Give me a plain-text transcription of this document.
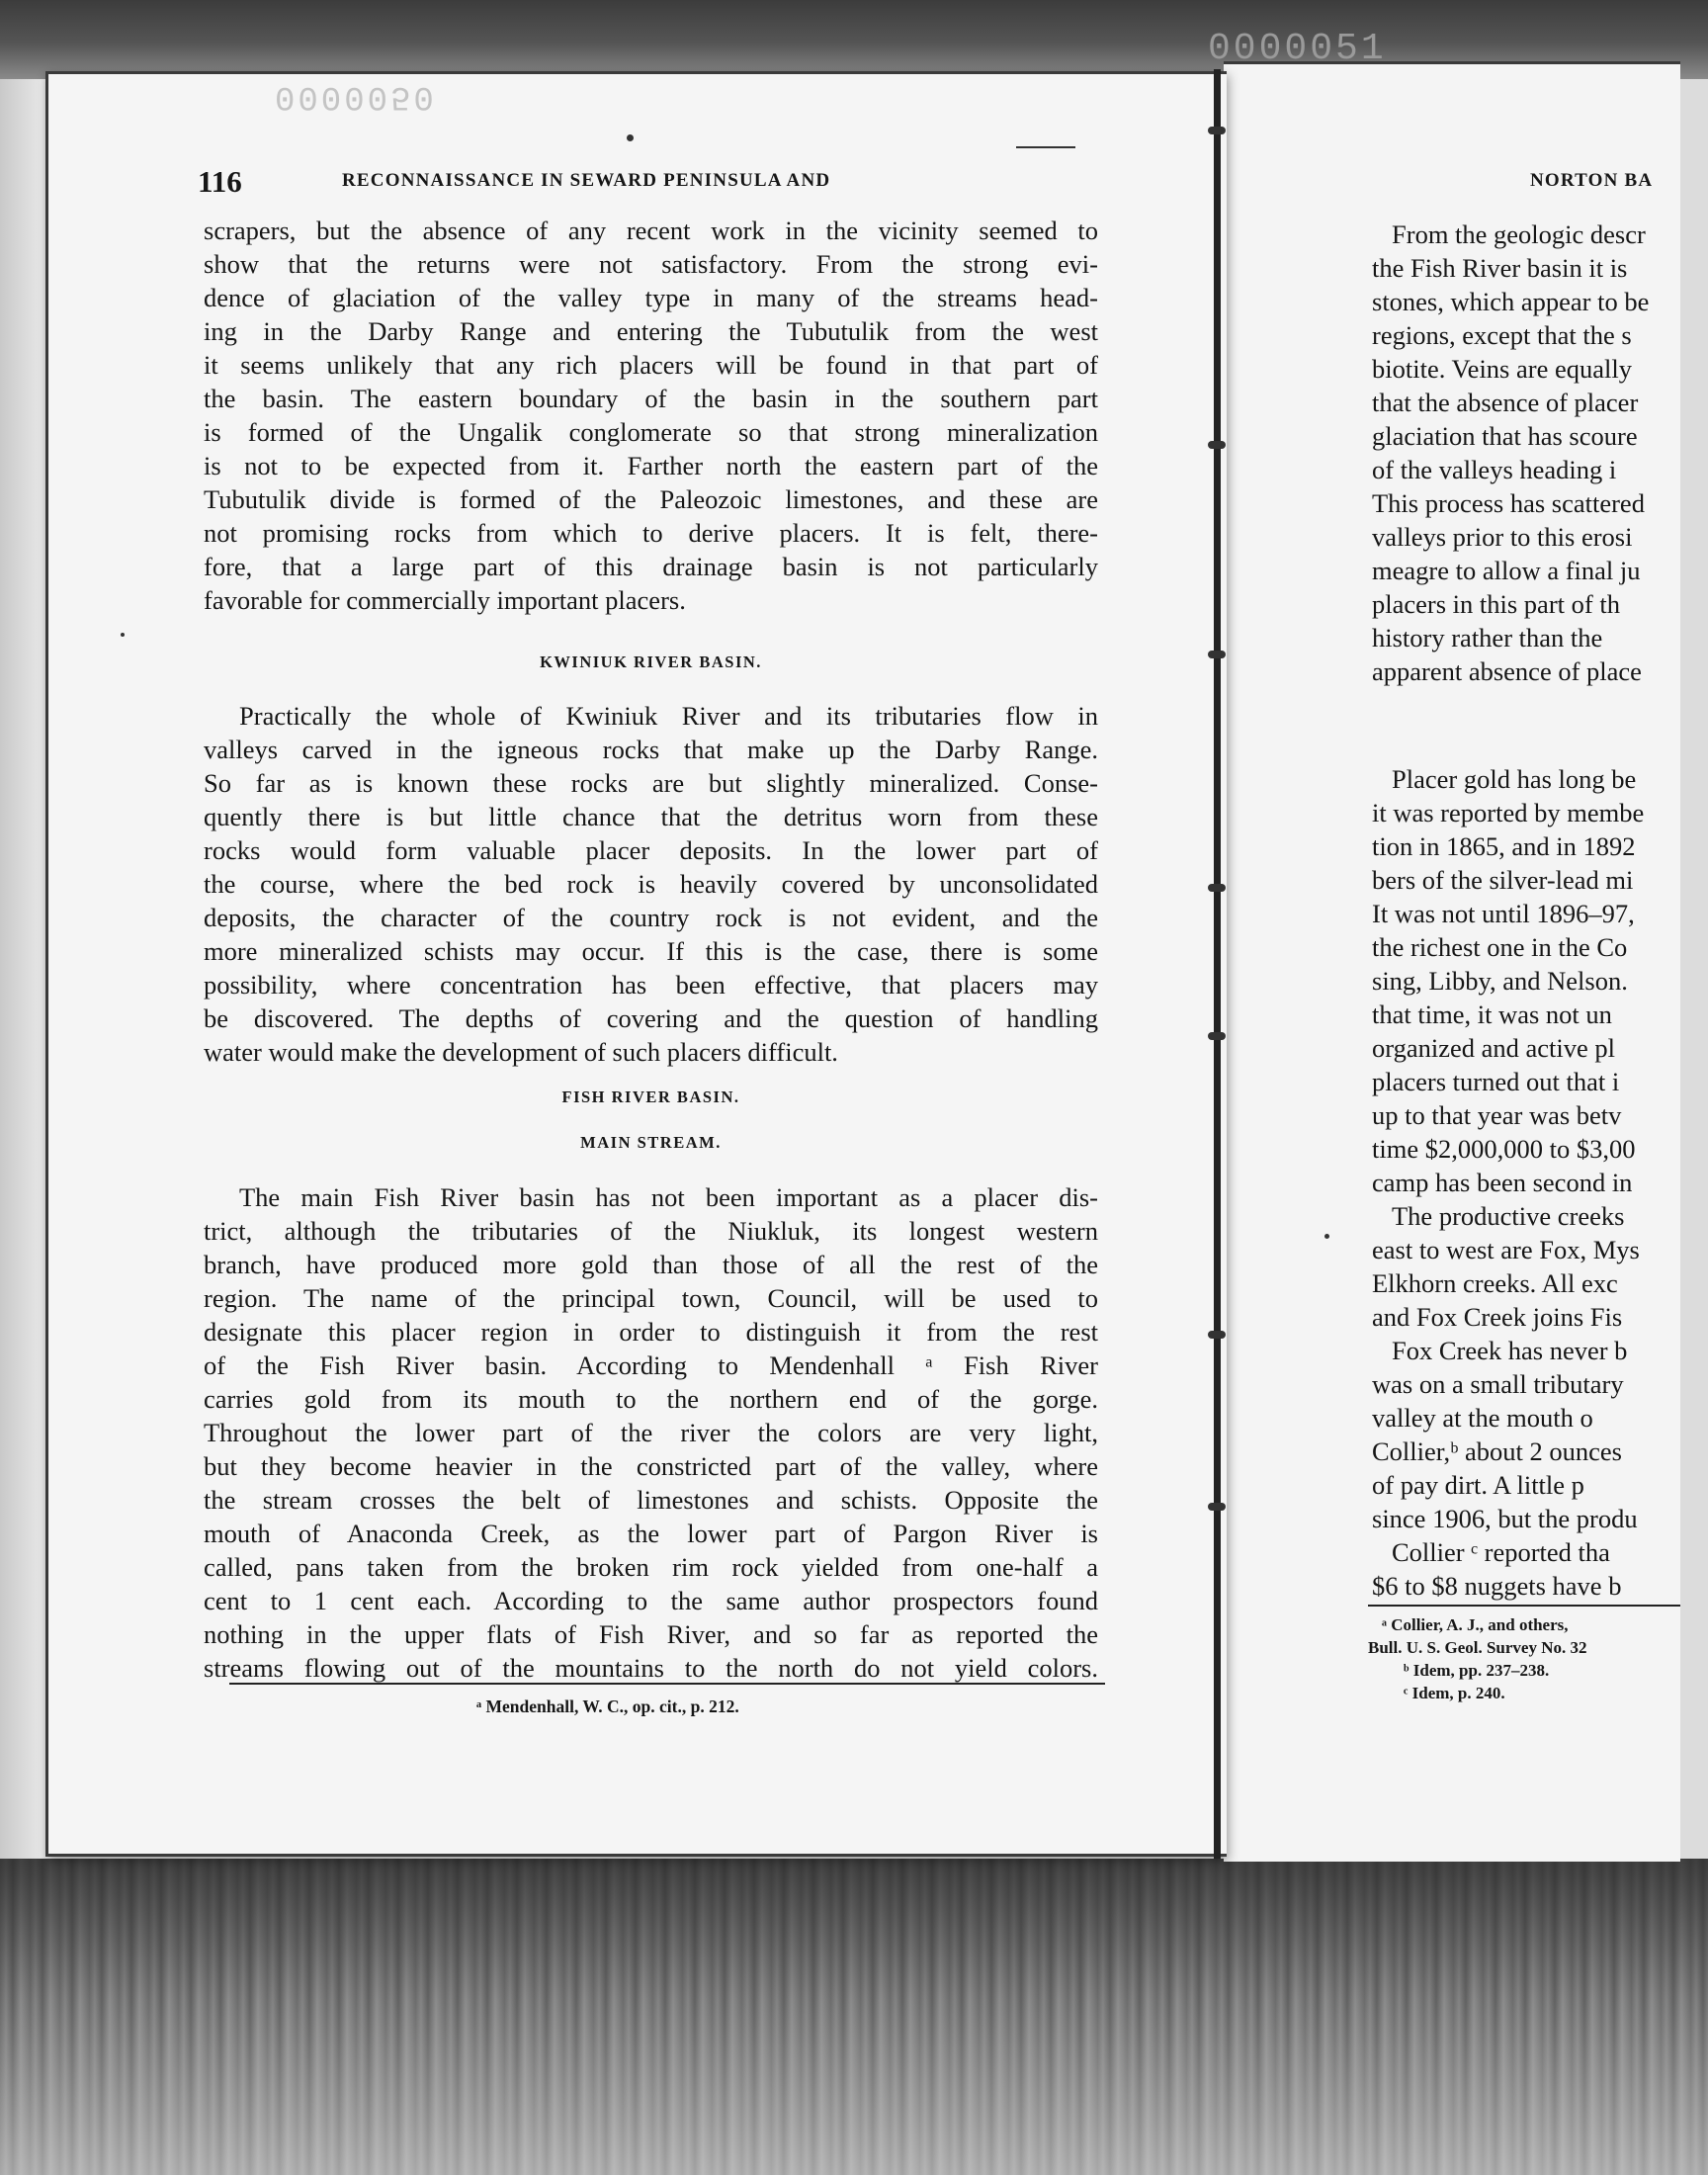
0000051
0000050
116	RECONNAISSANCE IN SEWARD PENINSULA AND
scrapers, but the absence of any recent work in the vicinity seemed to
show that the returns were not satisfactory. From the strong evi-
dence of glaciation of the valley type in many of the streams head-
ing in the Darby Range and entering the Tubutulik from the west
it seems unlikely that any rich placers will be found in that part of
the basin. The eastern boundary of the basin in the southern part
is formed of the Ungalik conglomerate so that strong mineralization
is not to be expected from it. Farther north the eastern part of the
Tubutulik divide is formed of the Paleozoic limestones, and these are
not promising rocks from which to derive placers. It is felt, there-
fore, that a large part of this drainage basin is not particularly
favorable for commercially important placers.
KWINIUK RIVER BASIN.
Practically the whole of Kwiniuk River and its tributaries flow in
valleys carved in the igneous rocks that make up the Darby Range.
So far as is known these rocks are but slightly mineralized. Conse-
quently there is but little chance that the detritus worn from these
rocks would form valuable placer deposits. In the lower part of
the course, where the bed rock is heavily covered by unconsolidated
deposits, the character of the country rock is not evident, and the
more mineralized schists may occur. If this is the case, there is some
possibility, where concentration has been effective, that placers may
be discovered. The depths of covering and the question of handling
water would make the development of such placers difficult.
FISH RIVER BASIN.
MAIN STREAM.
The main Fish River basin has not been important as a placer dis-
trict, although the tributaries of the Niukluk, its longest western
branch, have produced more gold than those of all the rest of the
region. The name of the principal town, Council, will be used to
designate this placer region in order to distinguish it from the rest
of the Fish River basin. According to Mendenhall ᵃ Fish River
carries gold from its mouth to the northern end of the gorge.
Throughout the lower part of the river the colors are very light,
but they become heavier in the constricted part of the valley, where
the stream crosses the belt of limestones and schists. Opposite the
mouth of Anaconda Creek, as the lower part of Pargon River is
called, pans taken from the broken rim rock yielded from one-half a
cent to 1 cent each. According to the same author prospectors found
nothing in the upper flats of Fish River, and so far as reported the
streams flowing out of the mountains to the north do not yield colors.
ᵃ Mendenhall, W. C., op. cit., p. 212.
NORTON BA
From the geologic descr
the Fish River basin it is
stones, which appear to be
regions, except that the s
biotite. Veins are equally
that the absence of placer
glaciation that has scoure
of the valleys heading i
This process has scattered
valleys prior to this erosi
meagre to allow a final ju
placers in this part of th
history rather than the
apparent absence of place
Placer gold has long be
it was reported by membe
tion in 1865, and in 1892
bers of the silver-lead mi
It was not until 1896–97,
the richest one in the Co
sing, Libby, and Nelson.
that time, it was not un
organized and active pl
placers turned out that i
up to that year was betv
time $2,000,000 to $3,00
camp has been second in
The productive creeks
east to west are Fox, Mys
Elkhorn creeks. All exc
and Fox Creek joins Fis
Fox Creek has never b
was on a small tributary
valley at the mouth o
Collier,ᵇ about 2 ounces
of pay dirt. A little p
since 1906, but the produ
Collier ᶜ reported tha
$6 to $8 nuggets have b
ᵃ Collier, A. J., and others,
Bull. U. S. Geol. Survey No. 32
ᵇ Idem, pp. 237–238.
ᶜ Idem, p. 240.
